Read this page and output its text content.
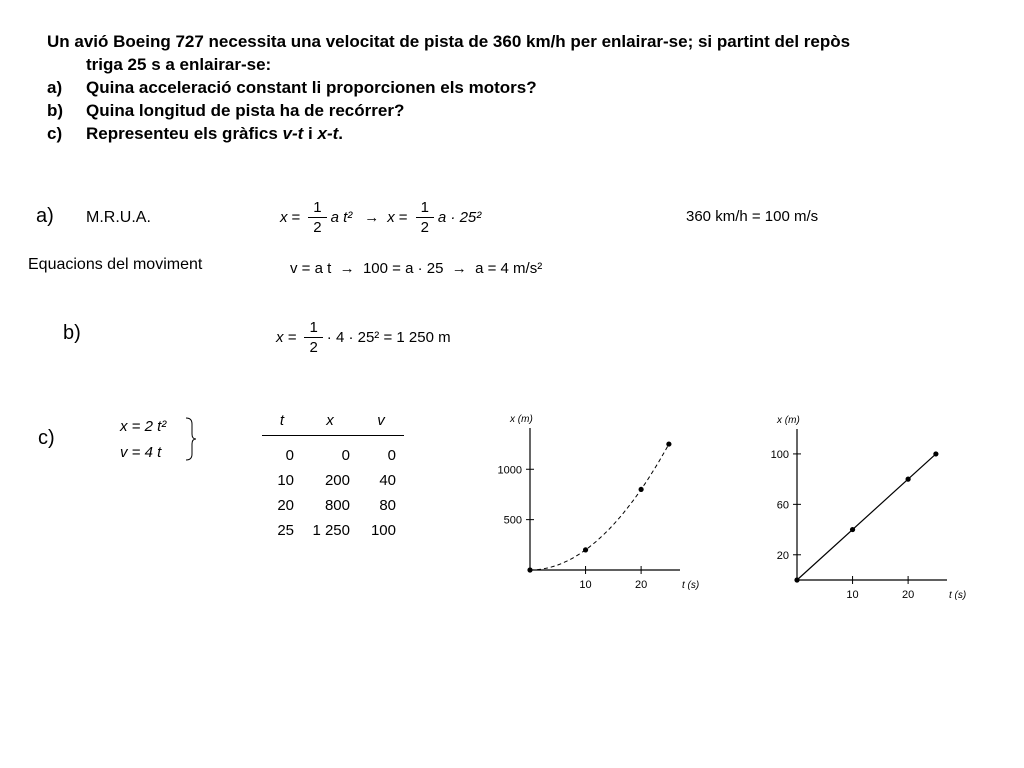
Un avió Boeing 727 necessita una velocitat de pista de 360 km/h per enlairar-se; si partint del repòs
triga 25 s a enlairar-se:
a) Quina acceleració constant li proporcionen els motors?
b) Quina longitud de pista ha de recórrer?
c) Representeu els gràfics v-t i x-t.
a) M.R.U.A.
Equacions del moviment
360 km/h = 100 m/s
$x = \frac{1}{2}$ a $t^2 \to x = \frac{1}{2}$ a · 25²
v = a t  →  100 = a · 25  →  a = 4 m/s²
b)	$x = \frac{1}{2} \cdot 4 \cdot 25^2 = 1$ 250 m
c)
x = 2 t²
v = 4 t
t	x	v
0	0	0
10	200	40
20	800	80
25	1 250	100
10	20
500
1000
t (s)
x (m)
10	20
20
60
100
t (s)
x (m)
